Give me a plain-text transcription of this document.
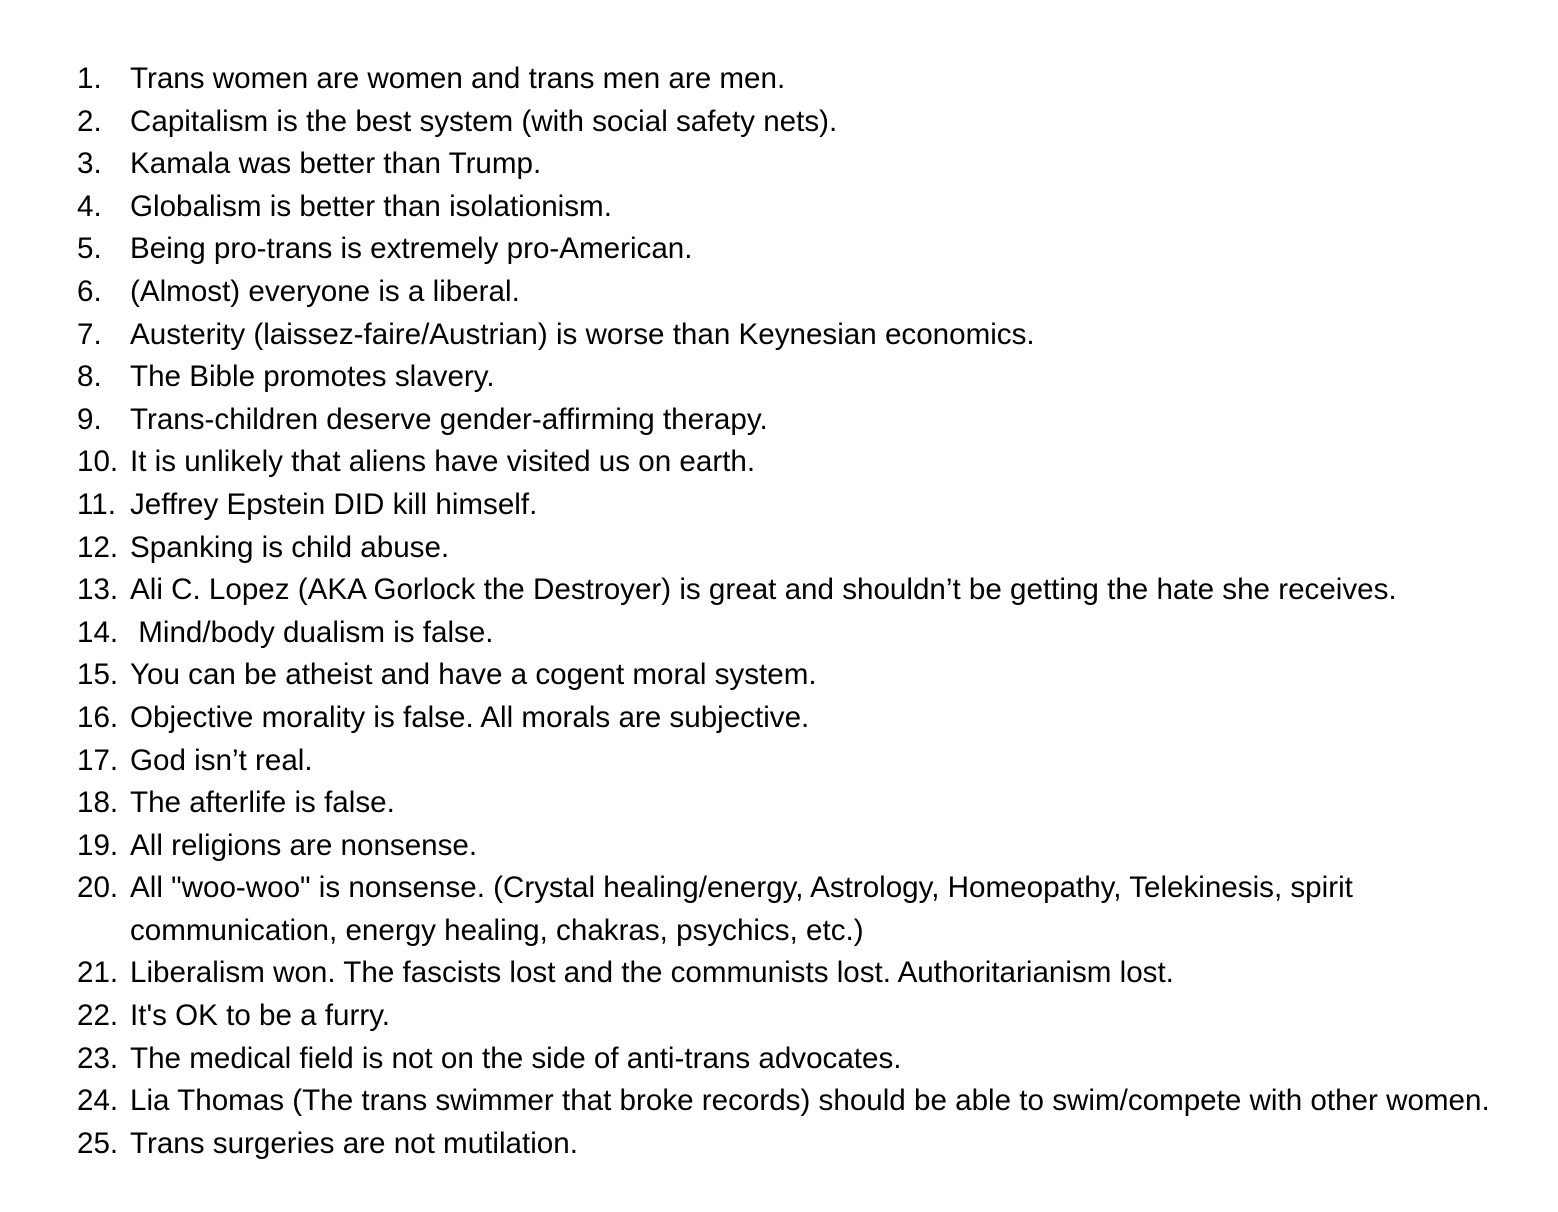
1. Trans women are women and trans men are men.
2. Capitalism is the best system (with social safety nets).
3. Kamala was better than Trump.
4. Globalism is better than isolationism.
5. Being pro-trans is extremely pro-American.
6. (Almost) everyone is a liberal.
7. Austerity (laissez-faire/Austrian) is worse than Keynesian economics.
8. The Bible promotes slavery.
9. Trans-children deserve gender-affirming therapy.
10. It is unlikely that aliens have visited us on earth.
11. Jeffrey Epstein DID kill himself.
12. Spanking is child abuse.
13. Ali C. Lopez (AKA Gorlock the Destroyer) is great and shouldn’t be getting the hate she receives.
14. Mind/body dualism is false.
15. You can be atheist and have a cogent moral system.
16. Objective morality is false. All morals are subjective.
17. God isn’t real.
18. The afterlife is false.
19. All religions are nonsense.
20. All "woo-woo" is nonsense. (Crystal healing/energy, Astrology, Homeopathy, Telekinesis, spirit communication, energy healing, chakras, psychics, etc.)
21. Liberalism won. The fascists lost and the communists lost. Authoritarianism lost.
22. It's OK to be a furry.
23. The medical field is not on the side of anti-trans advocates.
24. Lia Thomas (The trans swimmer that broke records) should be able to swim/compete with other women.
25. Trans surgeries are not mutilation.
